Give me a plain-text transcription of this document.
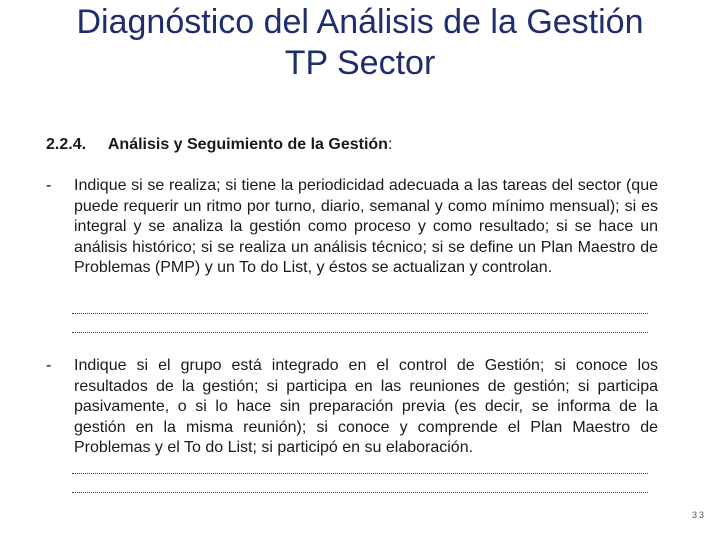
Diagnóstico del Análisis de la Gestión
TP Sector
2.2.4. Análisis y Seguimiento de la Gestión:
- Indique si se realiza; si tiene la periodicidad adecuada a las tareas del sector (que puede requerir un ritmo por turno, diario, semanal y como mínimo mensual); si es integral y se analiza la gestión como proceso y como resultado; si se hace un análisis histórico; si se realiza un análisis técnico; si se define un Plan Maestro de Problemas (PMP) y un To do List, y éstos se actualizan y controlan.
- Indique si el grupo está integrado en el control de Gestión; si conoce los resultados de la gestión; si participa en las reuniones de gestión; si participa pasivamente, o si lo hace sin preparación previa (es decir, se informa de la gestión en la misma reunión); si conoce y comprende el Plan Maestro de Problemas y el To do List; si participó en su elaboración.
33
